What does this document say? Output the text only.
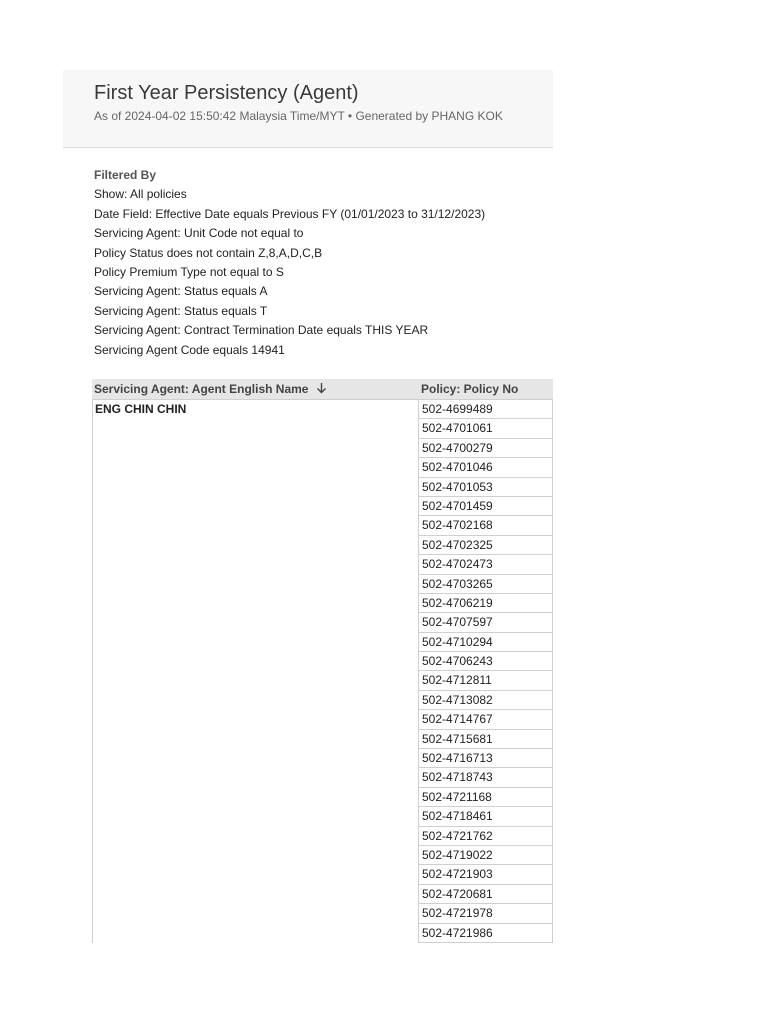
First Year Persistency (Agent)
As of 2024-04-02 15:50:42 Malaysia Time/MYT • Generated by PHANG KOK
Filtered By
Show: All policies
Date Field: Effective Date equals Previous FY (01/01/2023 to 31/12/2023)
Servicing Agent: Unit Code not equal to
Policy Status does not contain Z,8,A,D,C,B
Policy Premium Type not equal to S
Servicing Agent: Status equals A
Servicing Agent: Status equals T
Servicing Agent: Contract Termination Date equals THIS YEAR
Servicing Agent Code equals 14941
Servicing Agent: Agent English Name	Policy: Policy No
ENG CHIN CHIN	502-4699489
502-4701061
502-4700279
502-4701046
502-4701053
502-4701459
502-4702168
502-4702325
502-4702473
502-4703265
502-4706219
502-4707597
502-4710294
502-4706243
502-4712811
502-4713082
502-4714767
502-4715681
502-4716713
502-4718743
502-4721168
502-4718461
502-4721762
502-4719022
502-4721903
502-4720681
502-4721978
502-4721986
